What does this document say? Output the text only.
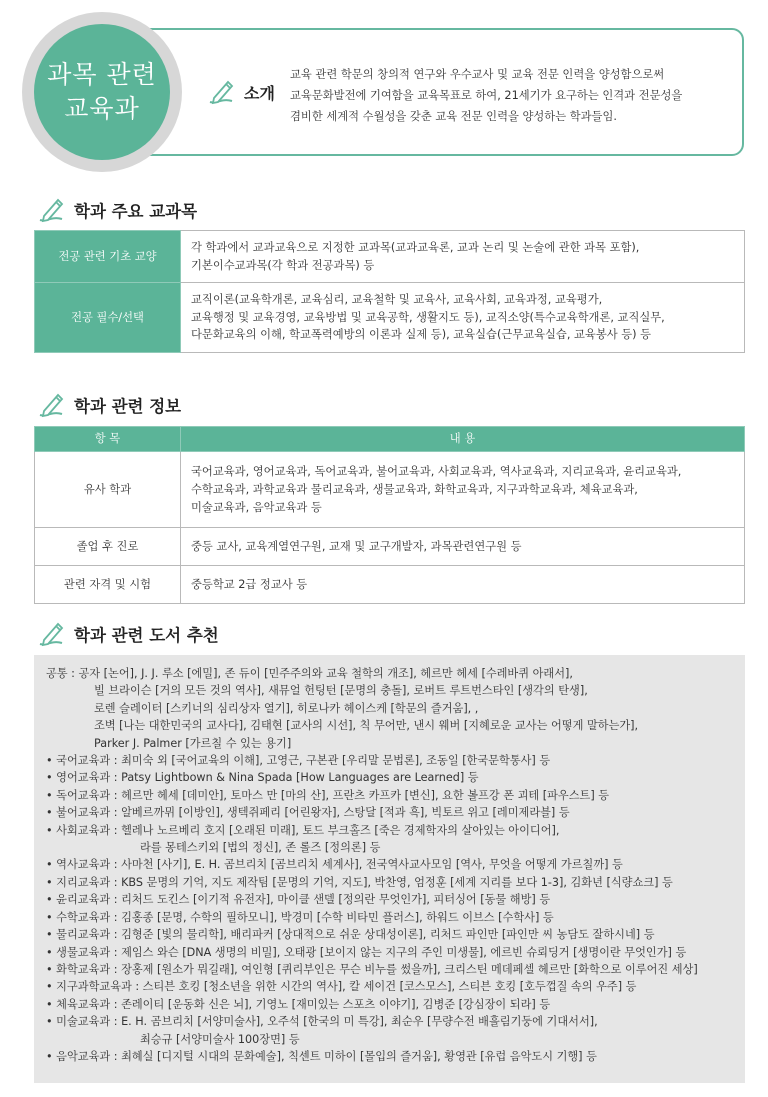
과목 관련
교육과
소개
교육 관련 학문의 창의적 연구와 우수교사 및 교육 전문 인력을 양성함으로써
교육문화발전에 기여함을 교육목표로 하여, 21세기가 요구하는 인격과 전문성을
겸비한 세계적 수월성을 갖춘 교육 전문 인력을 양성하는 학과들임.
학과 주요 교과목
전공 관련 기초 교양	각 학과에서 교과교육으로 지정한 교과목(교과교육론, 교과 논리 및 논술에 관한 과목 포함),
기본이수교과목(각 학과 전공과목) 등

전공 필수/선택	교직이론(교육학개론, 교육심리, 교육철학 및 교육사, 교육사회, 교육과정, 교육평가,
교육행정 및 교육경영, 교육방법 및 교육공학, 생활지도 등), 교직소양(특수교육학개론, 교직실무,
다문화교육의 이해, 학교폭력예방의 이론과 실제 등), 교육실습(근무교육실습, 교육봉사 등) 등
학과 관련 정보
항 목	내 용
유사 학과	국어교육과, 영어교육과, 독어교육과, 불어교육과, 사회교육과, 역사교육과, 지리교육과, 윤리교육과,
수학교육과, 과학교육과 물리교육과, 생물교육과, 화학교육과, 지구과학교육과, 체육교육과,
미술교육과, 음악교육과 등

졸업 후 진로	중등 교사, 교육계열연구원, 교재 및 교구개발자, 과목관련연구원 등
관련 자격 및 시험	중등학교 2급 정교사 등
학과 관련 도서 추천
공통 : 공자 [논어], J. J. 루소 [에밀], 존 듀이 [민주주의와 교육 철학의 개조], 헤르만 헤세 [수레바퀴 아래서],
빌 브라이슨 [거의 모든 것의 역사], 새뮤얼 헌팅턴 [문명의 충돌], 로버트 루트번스타인 [생각의 탄생],
로렌 슬레이터 [스키너의 심리상자 열기], 히로나카 헤이스케 [학문의 즐거움], ,
조벽 [나는 대한민국의 교사다], 김태현 [교사의 시선], 칙 무어만, 낸시 웨버 [지혜로운 교사는 어떻게 말하는가],
Parker J. Palmer [가르칠 수 있는 용기]
• 국어교육과 : 최미숙 외 [국어교육의 이해], 고영근, 구본관 [우리말 문법론], 조동일 [한국문학통사] 등
• 영어교육과 : Patsy Lightbown & Nina Spada [How Languages are Learned] 등
• 독어교육과 : 헤르만 헤세 [데미안], 토마스 만 [마의 산], 프란츠 카프카 [변신], 요한 볼프강 폰 괴테 [파우스트] 등
• 불어교육과 : 알베르까뮈 [이방인], 생텍쥐페리 [어린왕자], 스탕달 [적과 흑], 빅토르 위고 [레미제라블] 등
• 사회교육과 : 헬레나 노르베리 호지 [오래된 미래], 토드 부크홀즈 [죽은 경제학자의 살아있는 아이디어],
라를 몽테스키외 [법의 정신], 존 롤즈 [정의론] 등
• 역사교육과 : 사마천 [사기], E. H. 곰브리치 [곰브리치 세계사], 전국역사교사모임 [역사, 무엇을 어떻게 가르칠까] 등
• 지리교육과 : KBS 문명의 기억, 지도 제작팀 [문명의 기억, 지도], 박찬영, 엄정훈 [세계 지리를 보다 1-3], 김화년 [식량쇼크] 등
• 윤리교육과 : 리처드 도킨스 [이기적 유전자], 마이클 샌델 [정의란 무엇인가], 피터싱어 [동물 해방] 등
• 수학교육과 : 김홍종 [문명, 수학의 필하모니], 박경미 [수학 비타민 플러스], 하워드 이브스 [수학사] 등
• 물리교육과 : 김형준 [빛의 물리학], 배리파커 [상대적으로 쉬운 상대성이론], 리처드 파인만 [파인만 씨 농담도 잘하시네] 등
• 생물교육과 : 제임스 와슨 [DNA 생명의 비밀], 오태광 [보이지 않는 지구의 주인 미생물], 에르빈 슈뢰딩거 [생명이란 무엇인가] 등
• 화학교육과 : 장홍제 [원소가 뭐길래], 여인형 [퀴리부인은 무슨 비누를 썼을까], 크리스틴 메데페셀 헤르만 [화학으로 이루어진 세상]
• 지구과학교육과 : 스티븐 호킹 [청소년을 위한 시간의 역사], 칼 세이건 [코스모스], 스티븐 호킹 [호두껍질 속의 우주] 등
• 체육교육과 : 존레이티 [운동화 신은 뇌], 기영노 [재미있는 스포츠 이야기], 김병준 [강심장이 되라] 등
• 미술교육과 : E. H. 곰브리치 [서양미술사], 오주석 [한국의 미 특강], 최순우 [무량수전 배흘림기둥에 기대서서],
최승규 [서양미술사 100장면] 등
• 음악교육과 : 최혜실 [디지털 시대의 문화예술], 칙센트 미하이 [몰입의 즐거움], 황영관 [유럽 음악도시 기행] 등
